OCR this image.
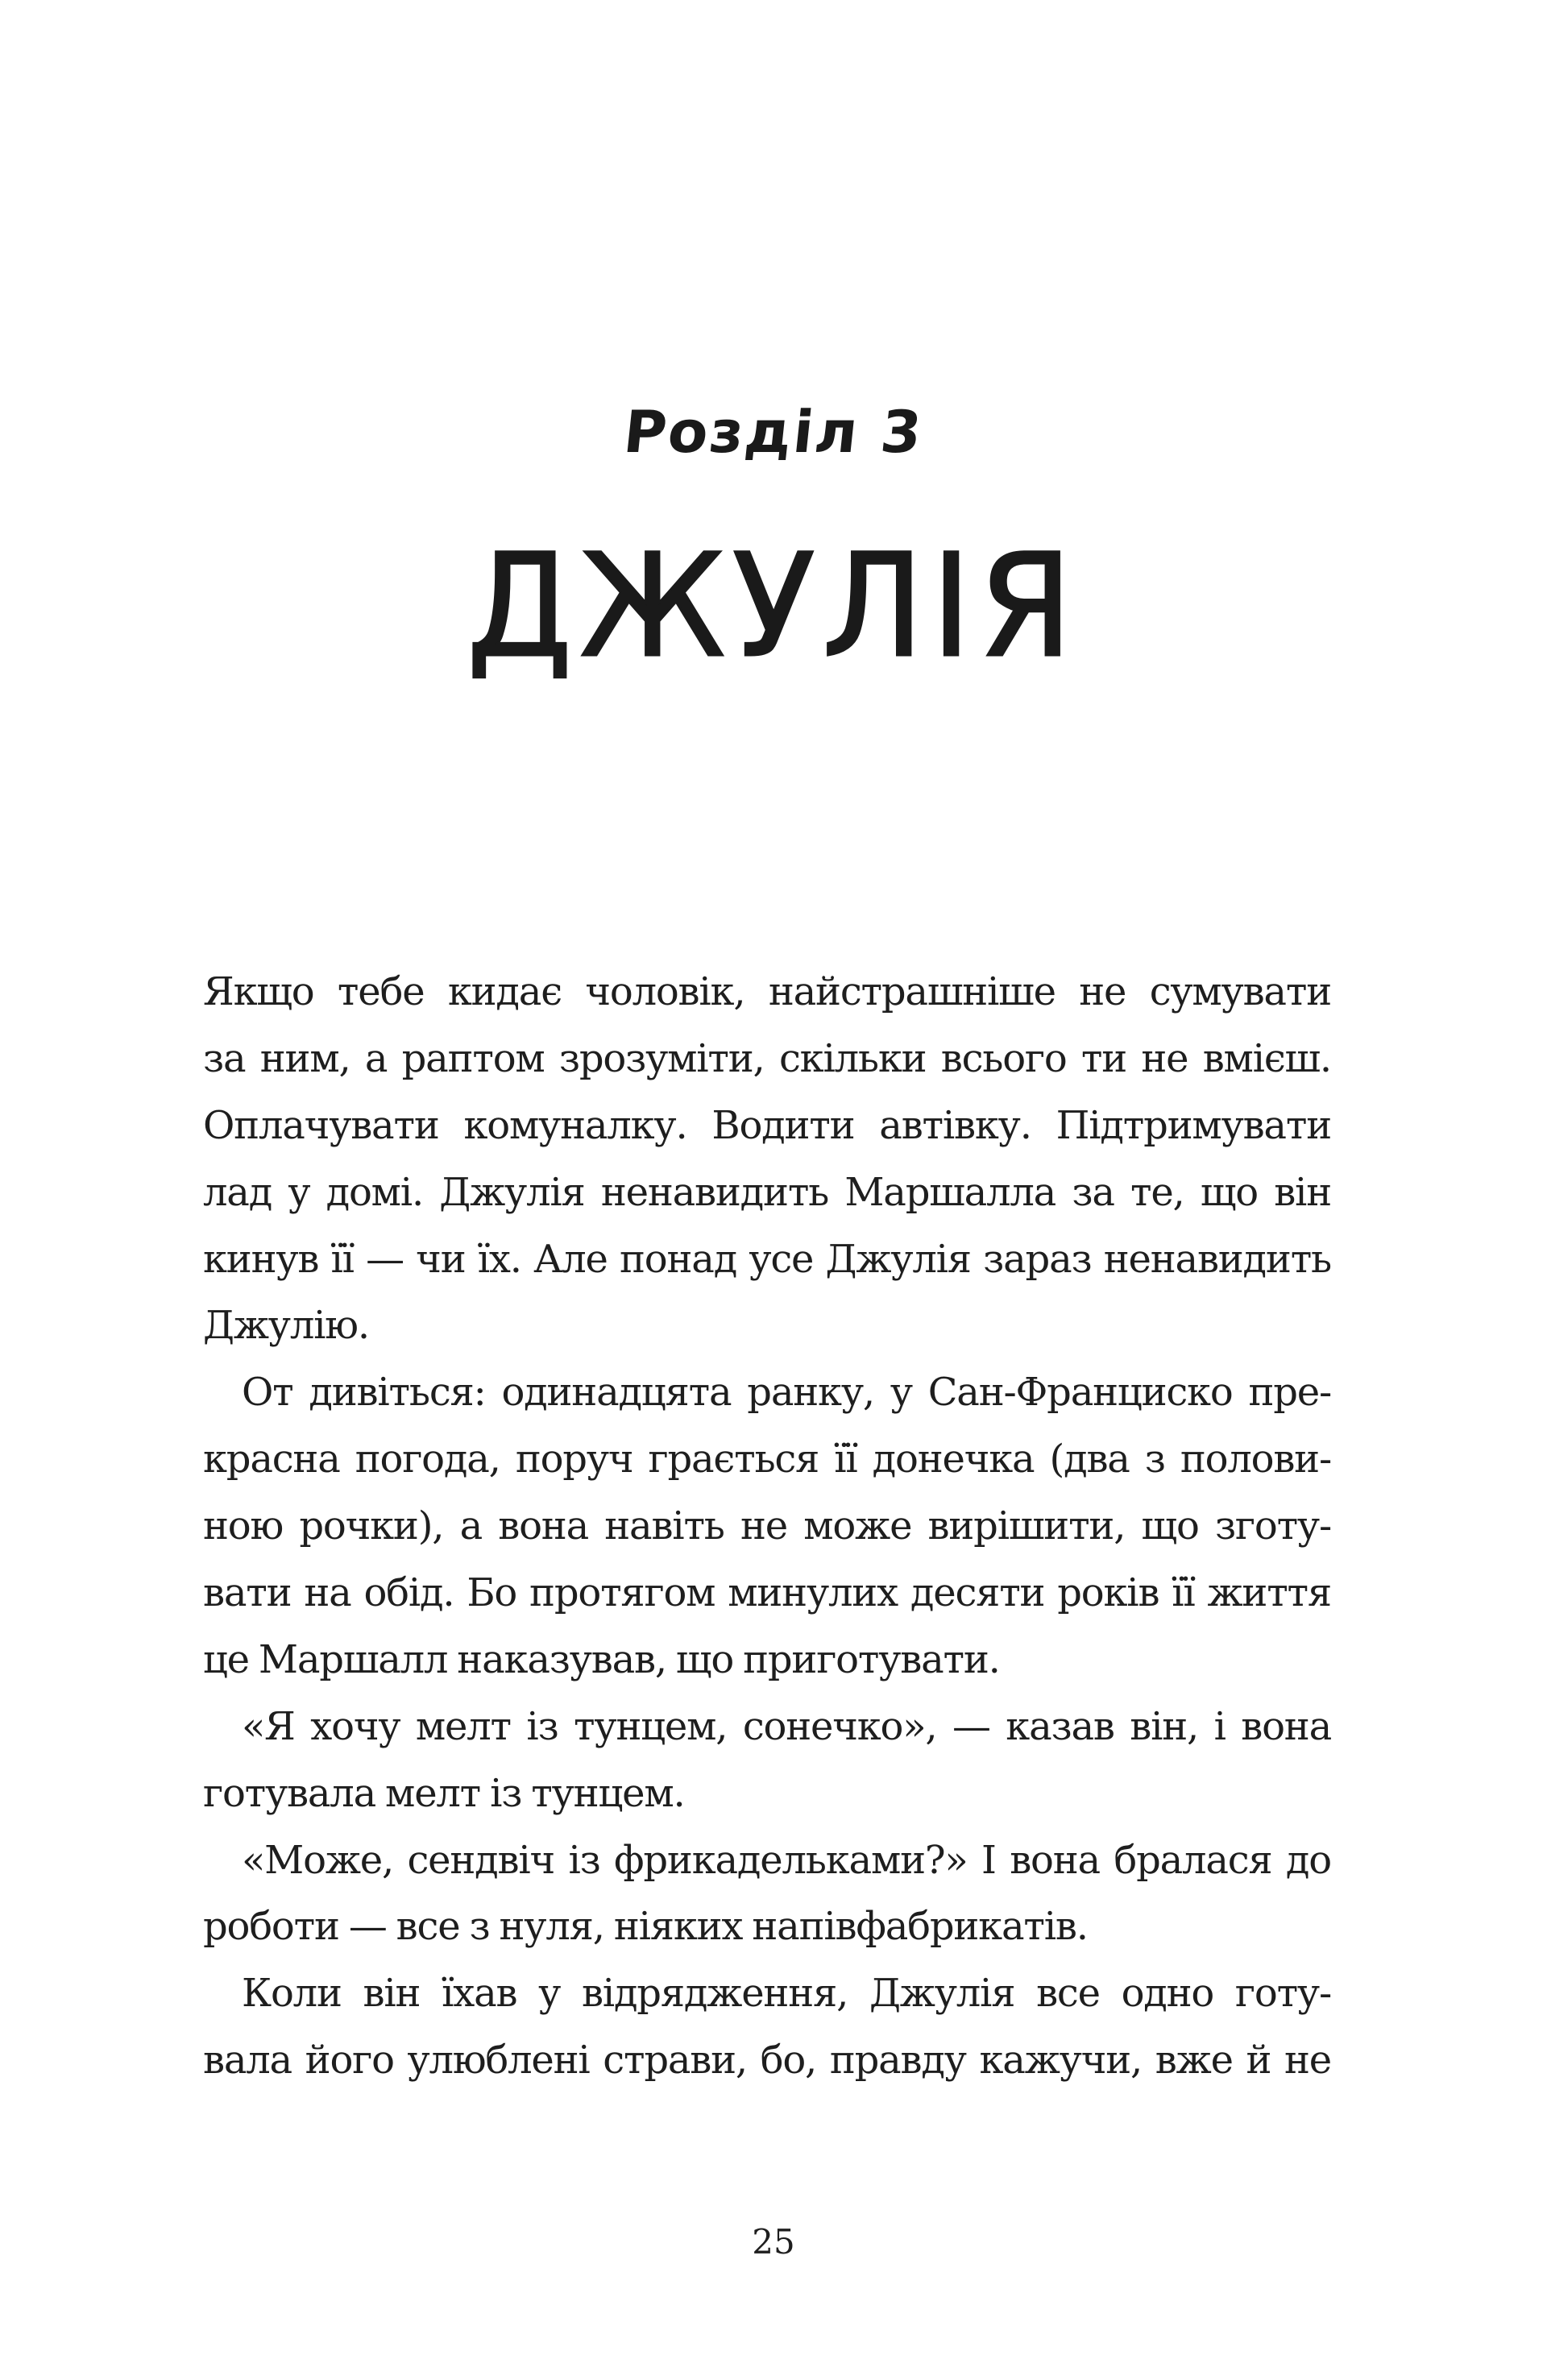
Розділ 3
ДЖУЛІЯ
Якщо тебе кидає чоловік, найстрашніше не сумувати
за ним, а раптом зрозуміти, скільки всього ти не вмієш.
Оплачувати комуналку. Водити автівку. Підтримувати
лад у домі. Джулія ненавидить Маршалла за те, що він
кинув її — чи їх. Але понад усе Джулія зараз ненавидить
Джулію.
От дивіться: одинадцята ранку, у Сан-Франциско пре-
красна погода, поруч грається її донечка (два з полови-
ною рочки), а вона навіть не може вирішити, що зготу-
вати на обід. Бо протягом минулих десяти років її життя
це Маршалл наказував, що приготувати.
«Я хочу мелт із тунцем, сонечко», — казав він, і вона
готувала мелт із тунцем.
«Може, сендвіч із фрикадельками?» І вона бралася до
роботи — все з нуля, ніяких напівфабрикатів.
Коли він їхав у відрядження, Джулія все одно готу-
вала його улюблені страви, бо, правду кажучи, вже й не
25
